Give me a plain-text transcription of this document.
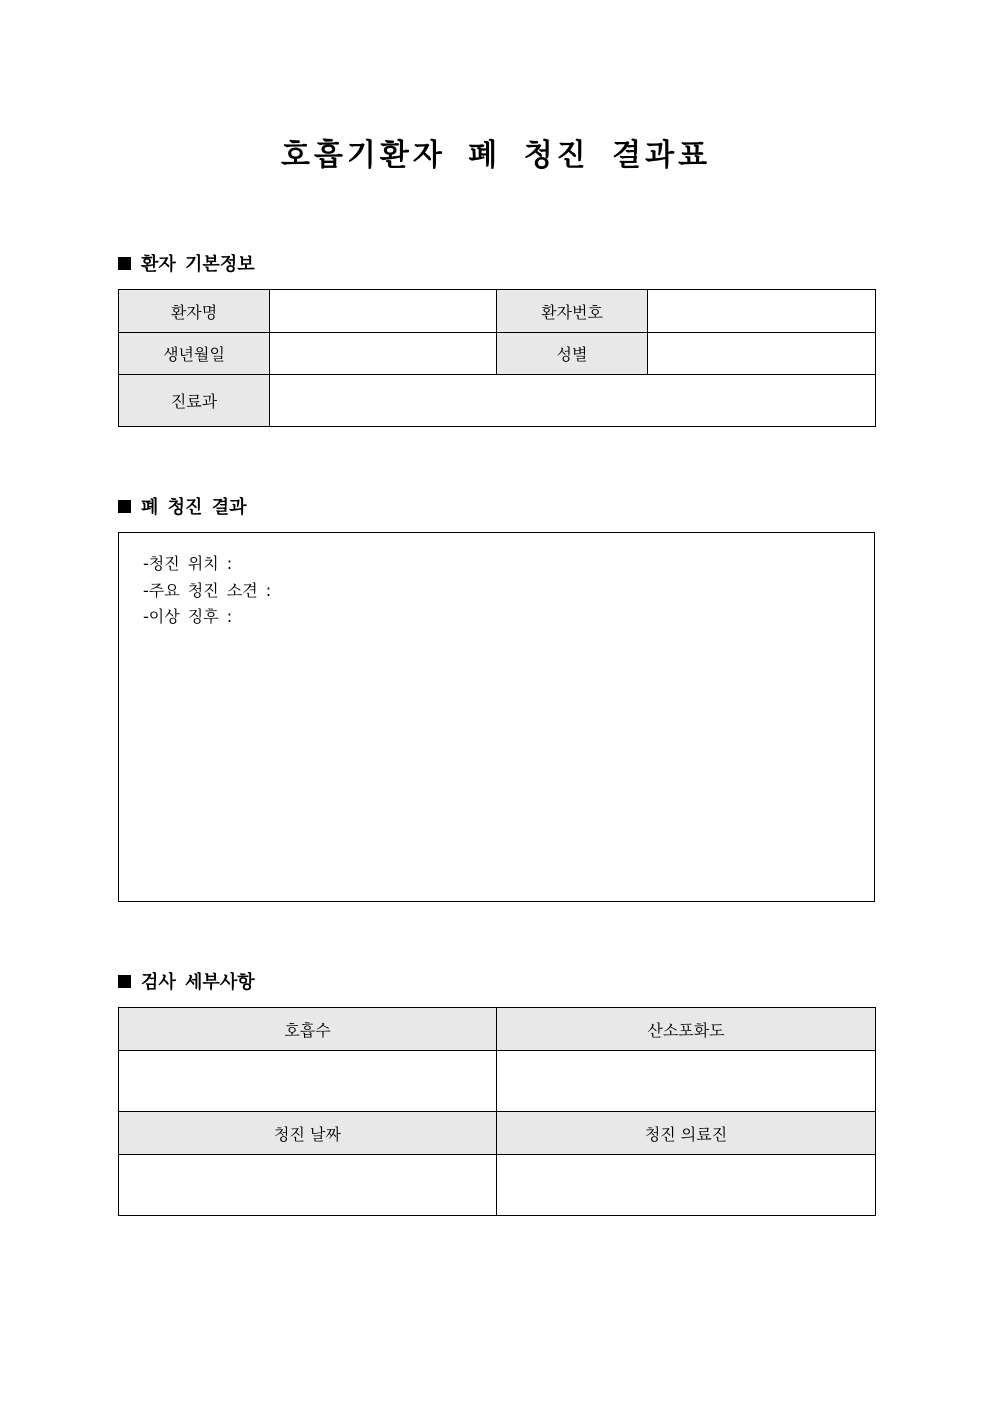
호흡기환자 폐 청진 결과표
환자 기본정보
환자명		환자번호	
생년월일		성별	
진료과			
폐 청진 결과
-청진 위치 :
-주요 청진 소견 :
-이상 징후 :
검사 세부사항
호흡수	산소포화도

청진 날짜	청진 의료진
